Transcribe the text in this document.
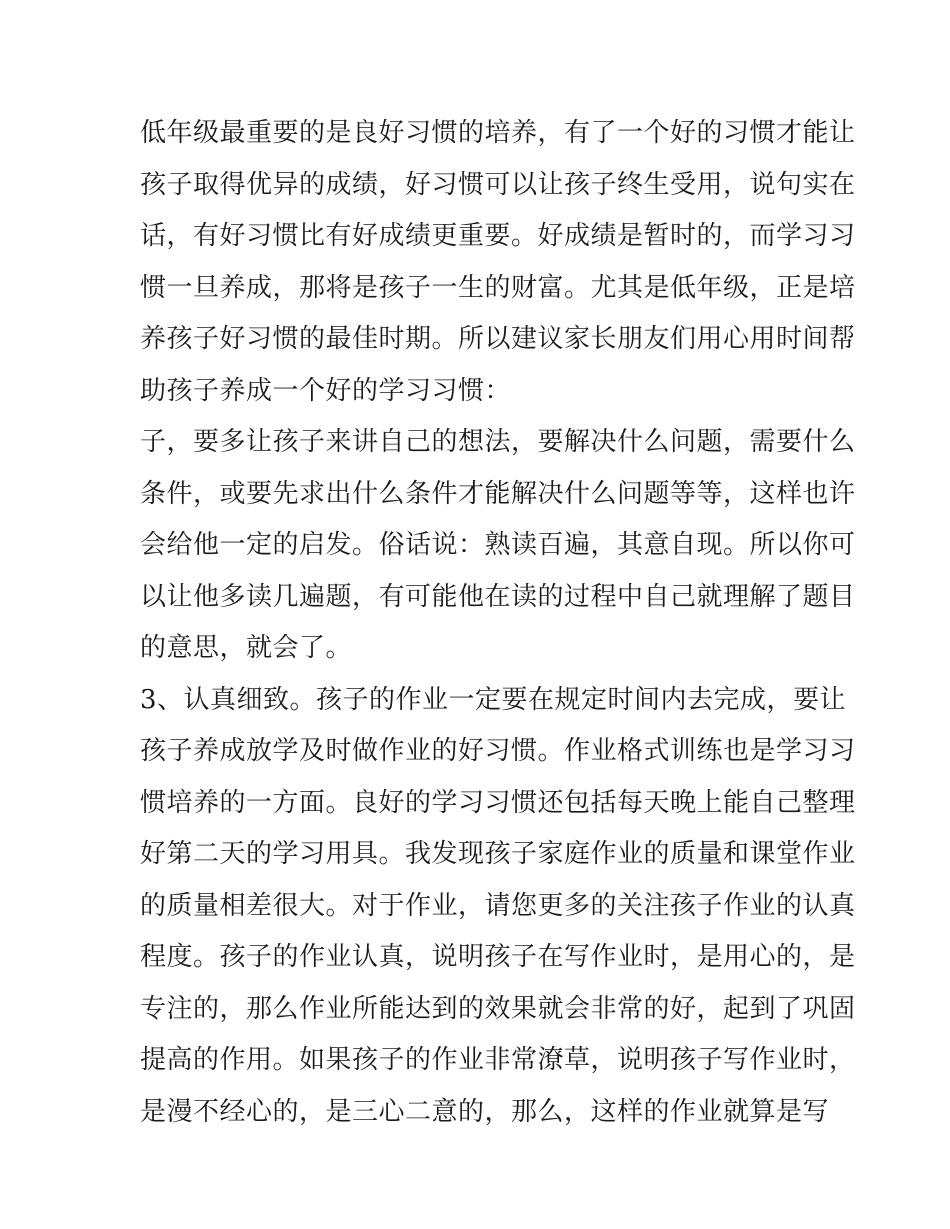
低年级最重要的是良好习惯的培养，有了一个好的习惯才能让
孩子取得优异的成绩，好习惯可以让孩子终生受用，说句实在
话，有好习惯比有好成绩更重要。好成绩是暂时的，而学习习
惯一旦养成，那将是孩子一生的财富。尤其是低年级，正是培
养孩子好习惯的最佳时期。所以建议家长朋友们用心用时间帮
助孩子养成一个好的学习习惯：
子，要多让孩子来讲自己的想法，要解决什么问题，需要什么
条件，或要先求出什么条件才能解决什么问题等等，这样也许
会给他一定的启发。俗话说：熟读百遍，其意自现。所以你可
以让他多读几遍题，有可能他在读的过程中自己就理解了题目
的意思，就会了。
3、认真细致。孩子的作业一定要在规定时间内去完成，要让
孩子养成放学及时做作业的好习惯。作业格式训练也是学习习
惯培养的一方面。良好的学习习惯还包括每天晚上能自己整理
好第二天的学习用具。我发现孩子家庭作业的质量和课堂作业
的质量相差很大。对于作业，请您更多的关注孩子作业的认真
程度。孩子的作业认真，说明孩子在写作业时，是用心的，是
专注的，那么作业所能达到的效果就会非常的好，起到了巩固
提高的作用。如果孩子的作业非常潦草，说明孩子写作业时，
是漫不经心的，是三心二意的，那么，这样的作业就算是写
